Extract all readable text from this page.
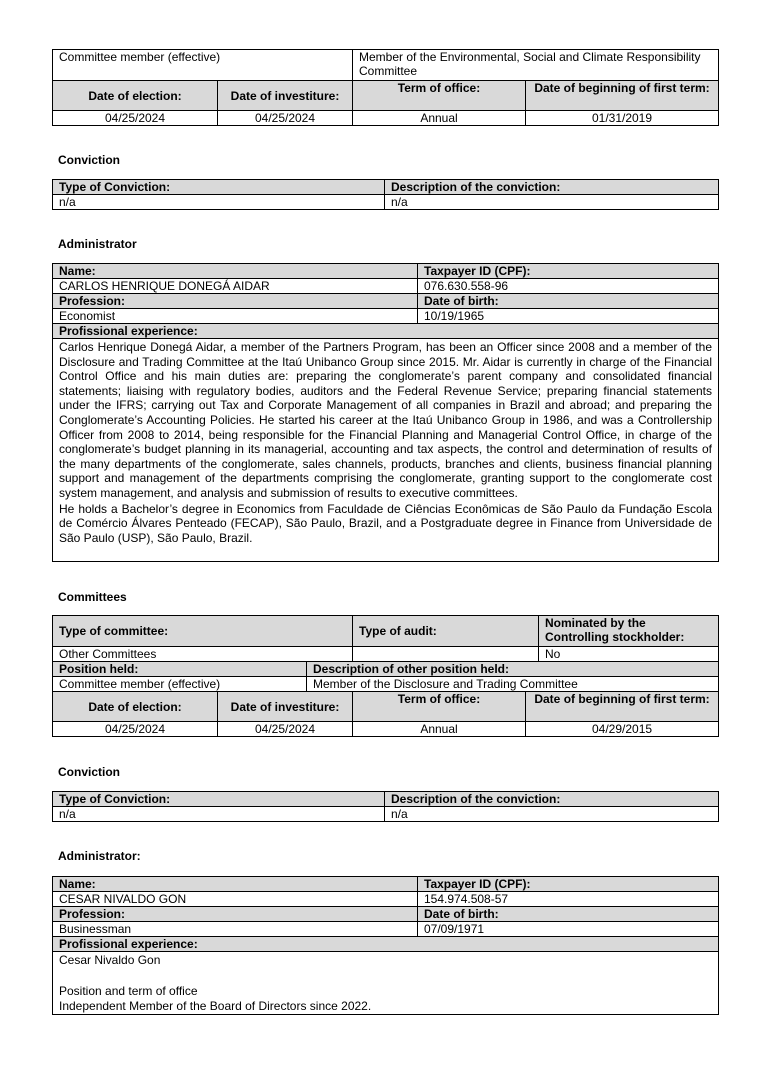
Committee member (effective)		Member of the Environmental, Social and Climate Responsibility Committee	
Date of election:	Date of investiture:	Term of office:	Date of beginning of first term:
04/25/2024	04/25/2024	Annual	01/31/2019
Conviction
Type of Conviction:	Description of the conviction:
n/a	n/a
Administrator
Name:	Taxpayer ID (CPF):
CARLOS HENRIQUE DONEGÁ AIDAR	076.630.558-96
Profession:	Date of birth:
Economist	10/19/1965
Profissional experience:	

Carlos Henrique Donegá Aidar, a member of the Partners Program, has been an Officer since 2008 and a member of the Disclosure and Trading Committee at the Itaú Unibanco Group since 2015. Mr. Aidar is currently in charge of the Financial Control Office and his main duties are: preparing the conglomerate’s parent company and consolidated financial statements; liaising with regulatory bodies, auditors and the Federal Revenue Service; preparing financial statements under the IFRS; carrying out Tax and Corporate Management of all companies in Brazil and abroad; and preparing the Conglomerate’s Accounting Policies. He started his career at the Itaú Unibanco Group in 1986, and was a Controllership Officer from 2008 to 2014, being responsible for the Financial Planning and Managerial Control Office, in charge of the conglomerate’s budget planning in its managerial, accounting and tax aspects, the control and determination of results of the many departments of the conglomerate, sales channels, products, branches and clients, business financial planning support and management of the departments comprising the conglomerate, granting support to the conglomerate cost system management, and analysis and submission of results to executive committees.
He holds a Bachelor’s degree in Economics from Faculdade de Ciências Econômicas de São Paulo da Fundação Escola de Comércio Álvares Penteado (FECAP), São Paulo, Brazil, and a Postgraduate degree in Finance from Universidade de São Paulo (USP), São Paulo, Brazil.	
Committees
Type of committee:			Type of audit:		Nominated by the Controlling stockholder:
Other Committees					No
Position held:		Description of other position held:			
Committee member (effective)		Member of the Disclosure and Trading Committee			
Date of election:	Date of investiture:		Term of office:	Date of beginning of first term:	
04/25/2024	04/25/2024		Annual	04/29/2015	
Conviction
Type of Conviction:	Description of the conviction:
n/a	n/a
Administrator:
Name:	Taxpayer ID (CPF):
CESAR NIVALDO GON	154.974.508-57
Profession:	Date of birth:
Businessman	07/09/1971
Profissional experience:	

Cesar Nivaldo Gon
Position and term of office
Independent Member of the Board of Directors since 2022.	
